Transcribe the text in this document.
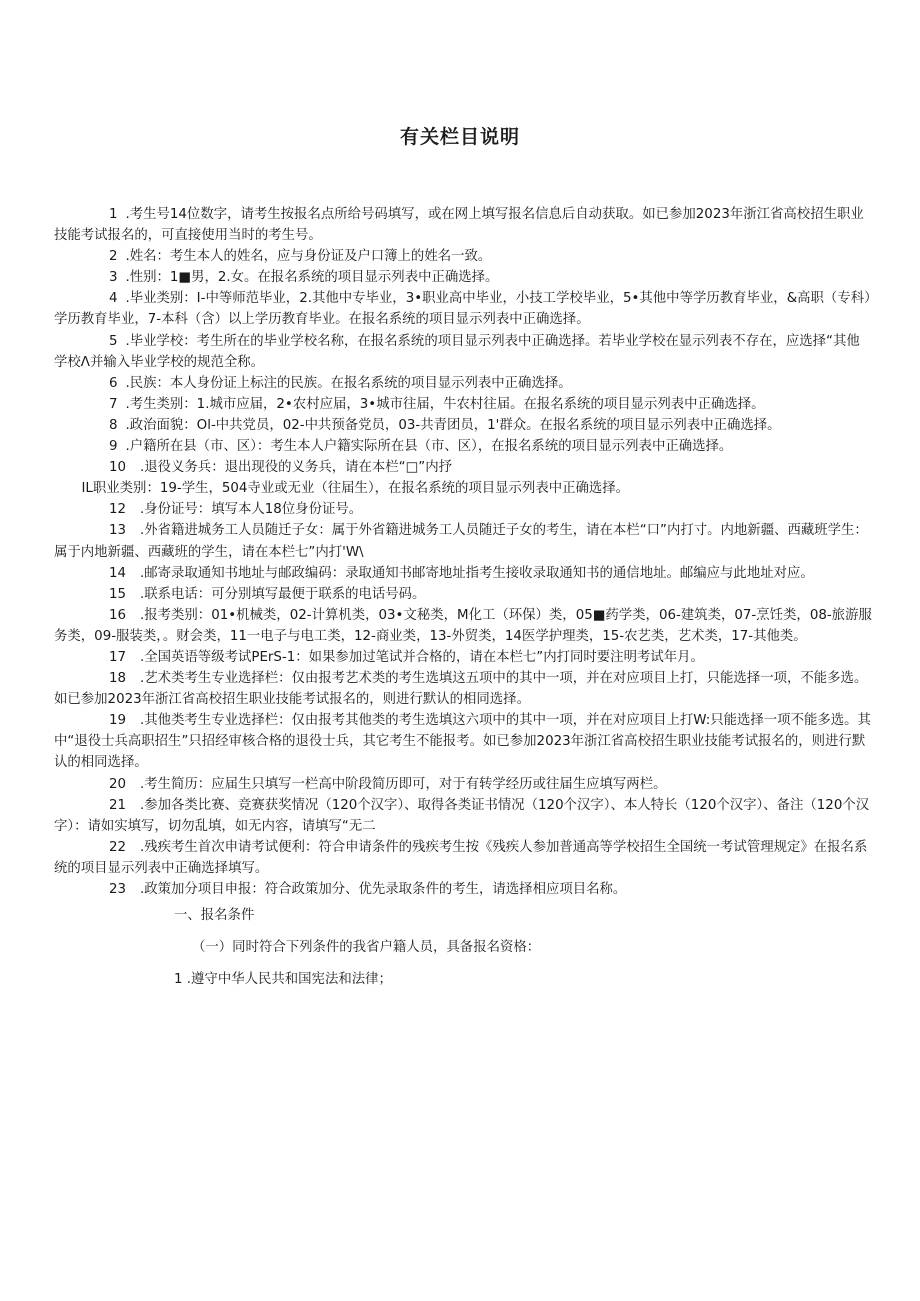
有关栏目说明

1 .考生号14位数字，请考生按报名点所给号码填写，或在网上填写报名信息后自动获取。如已参加2023年浙江省高校招生职业技能考试报名的，可直接使用当时的考生号。

2 .姓名：考生本人的姓名，应与身份证及户口簿上的姓名一致。

3 .性别：1■男，2.女。在报名系统的项目显示列表中正确选择。

4 .毕业类别：I-中等师范毕业，2.其他中专毕业，3•职业高中毕业，小技工学校毕业，5•其他中等学历教育毕业，&高职（专科）学历教育毕业，7-本科（含）以上学历教育毕业。在报名系统的项目显示列表中正确选择。

5 .毕业学校：考生所在的毕业学校名称，在报名系统的项目显示列表中正确选择。若毕业学校在显示列表不存在，应选择“其他学校Λ并输入毕业学校的规范全称。

6 .民族：本人身份证上标注的民族。在报名系统的项目显示列表中正确选择。

7 .考生类别：1.城市应届，2•农村应届，3•城市往届，牛农村往届。在报名系统的项目显示列表中正确选择。

8 .政治面貌：Ol-中共党员，02-中共预备党员，03-共青团员，1'群众。在报名系统的项目显示列表中正确选择。

9 .户籍所在县（市、区）：考生本人户籍实际所在县（市、区），在报名系统的项目显示列表中正确选择。

10 .退役义务兵：退出现役的义务兵，请在本栏“□”内抒

IL职业类别：19-学生，504寺业或无业（往届生），在报名系统的项目显示列表中正确选择。

12 .身份证号：填写本人18位身份证号。

13 .外省籍进城务工人员随迁子女：属于外省籍进城务工人员随迁子女的考生，请在本栏“口”内打寸。内地新疆、西藏班学生：属于内地新疆、西藏班的学生，请在本栏七”内打'W\

14 .邮寄录取通知书地址与邮政编码：录取通知书邮寄地址指考生接收录取通知书的通信地址。邮编应与此地址对应。

15 .联系电话：可分别填写最便于联系的电话号码。

16 .报考类别：01•机械类，02-计算机类，03•文秘类，M化工（环保）类，05■药学类，06-建筑类，07-烹饪类，08-旅游服务类，09-服装类，。财会类，11一电子与电工类，12-商业类，13-外贸类，14医学护理类，15-农艺类，艺术类，17-其他类。

17 .全国英语等级考试PErS-1：如果参加过笔试并合格的，请在本栏七”内打同时要注明考试年月。

18 .艺术类考生专业选择栏：仅由报考艺术类的考生选填这五项中的其中一项，并在对应项目上打，只能选择一项，不能多选。如已参加2023年浙江省高校招生职业技能考试报名的，则进行默认的相同选择。

19 .其他类考生专业选择栏：仅由报考其他类的考生选填这六项中的其中一项，并在对应项目上打W:只能选择一项不能多选。其中“退役士兵高职招生”只招经审核合格的退役士兵，其它考生不能报考。如已参加2023年浙江省高校招生职业技能考试报名的，则进行默认的相同选择。

20 .考生简历：应届生只填写一栏高中阶段简历即可，对于有转学经历或往届生应填写两栏。

21 .参加各类比赛、竞赛获奖情况（120个汉字）、取得各类证书情况（120个汉字）、本人特长（120个汉字）、备注（120个汉字）：请如实填写，切勿乱填，如无内容，请填写“无二

22 .残疾考生首次申请考试便利：符合申请条件的残疾考生按《残疾人参加普通高等学校招生全国统一考试管理规定》在报名系统的项目显示列表中正确选择填写。

23 .政策加分项目申报：符合政策加分、优先录取条件的考生，请选择相应项目名称。

一、报名条件

（一）同时符合下列条件的我省户籍人员，具备报名资格：

1 .遵守中华人民共和国宪法和法律；
